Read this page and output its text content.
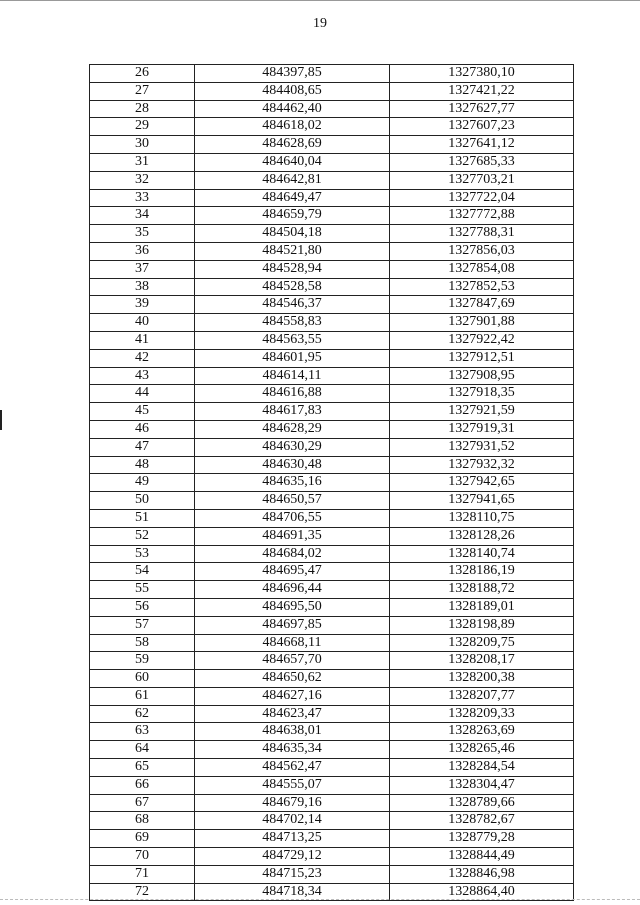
19
26	484397,85	1327380,10
27	484408,65	1327421,22
28	484462,40	1327627,77
29	484618,02	1327607,23
30	484628,69	1327641,12
31	484640,04	1327685,33
32	484642,81	1327703,21
33	484649,47	1327722,04
34	484659,79	1327772,88
35	484504,18	1327788,31
36	484521,80	1327856,03
37	484528,94	1327854,08
38	484528,58	1327852,53
39	484546,37	1327847,69
40	484558,83	1327901,88
41	484563,55	1327922,42
42	484601,95	1327912,51
43	484614,11	1327908,95
44	484616,88	1327918,35
45	484617,83	1327921,59
46	484628,29	1327919,31
47	484630,29	1327931,52
48	484630,48	1327932,32
49	484635,16	1327942,65
50	484650,57	1327941,65
51	484706,55	1328110,75
52	484691,35	1328128,26
53	484684,02	1328140,74
54	484695,47	1328186,19
55	484696,44	1328188,72
56	484695,50	1328189,01
57	484697,85	1328198,89
58	484668,11	1328209,75
59	484657,70	1328208,17
60	484650,62	1328200,38
61	484627,16	1328207,77
62	484623,47	1328209,33
63	484638,01	1328263,69
64	484635,34	1328265,46
65	484562,47	1328284,54
66	484555,07	1328304,47
67	484679,16	1328789,66
68	484702,14	1328782,67
69	484713,25	1328779,28
70	484729,12	1328844,49
71	484715,23	1328846,98
72	484718,34	1328864,40
